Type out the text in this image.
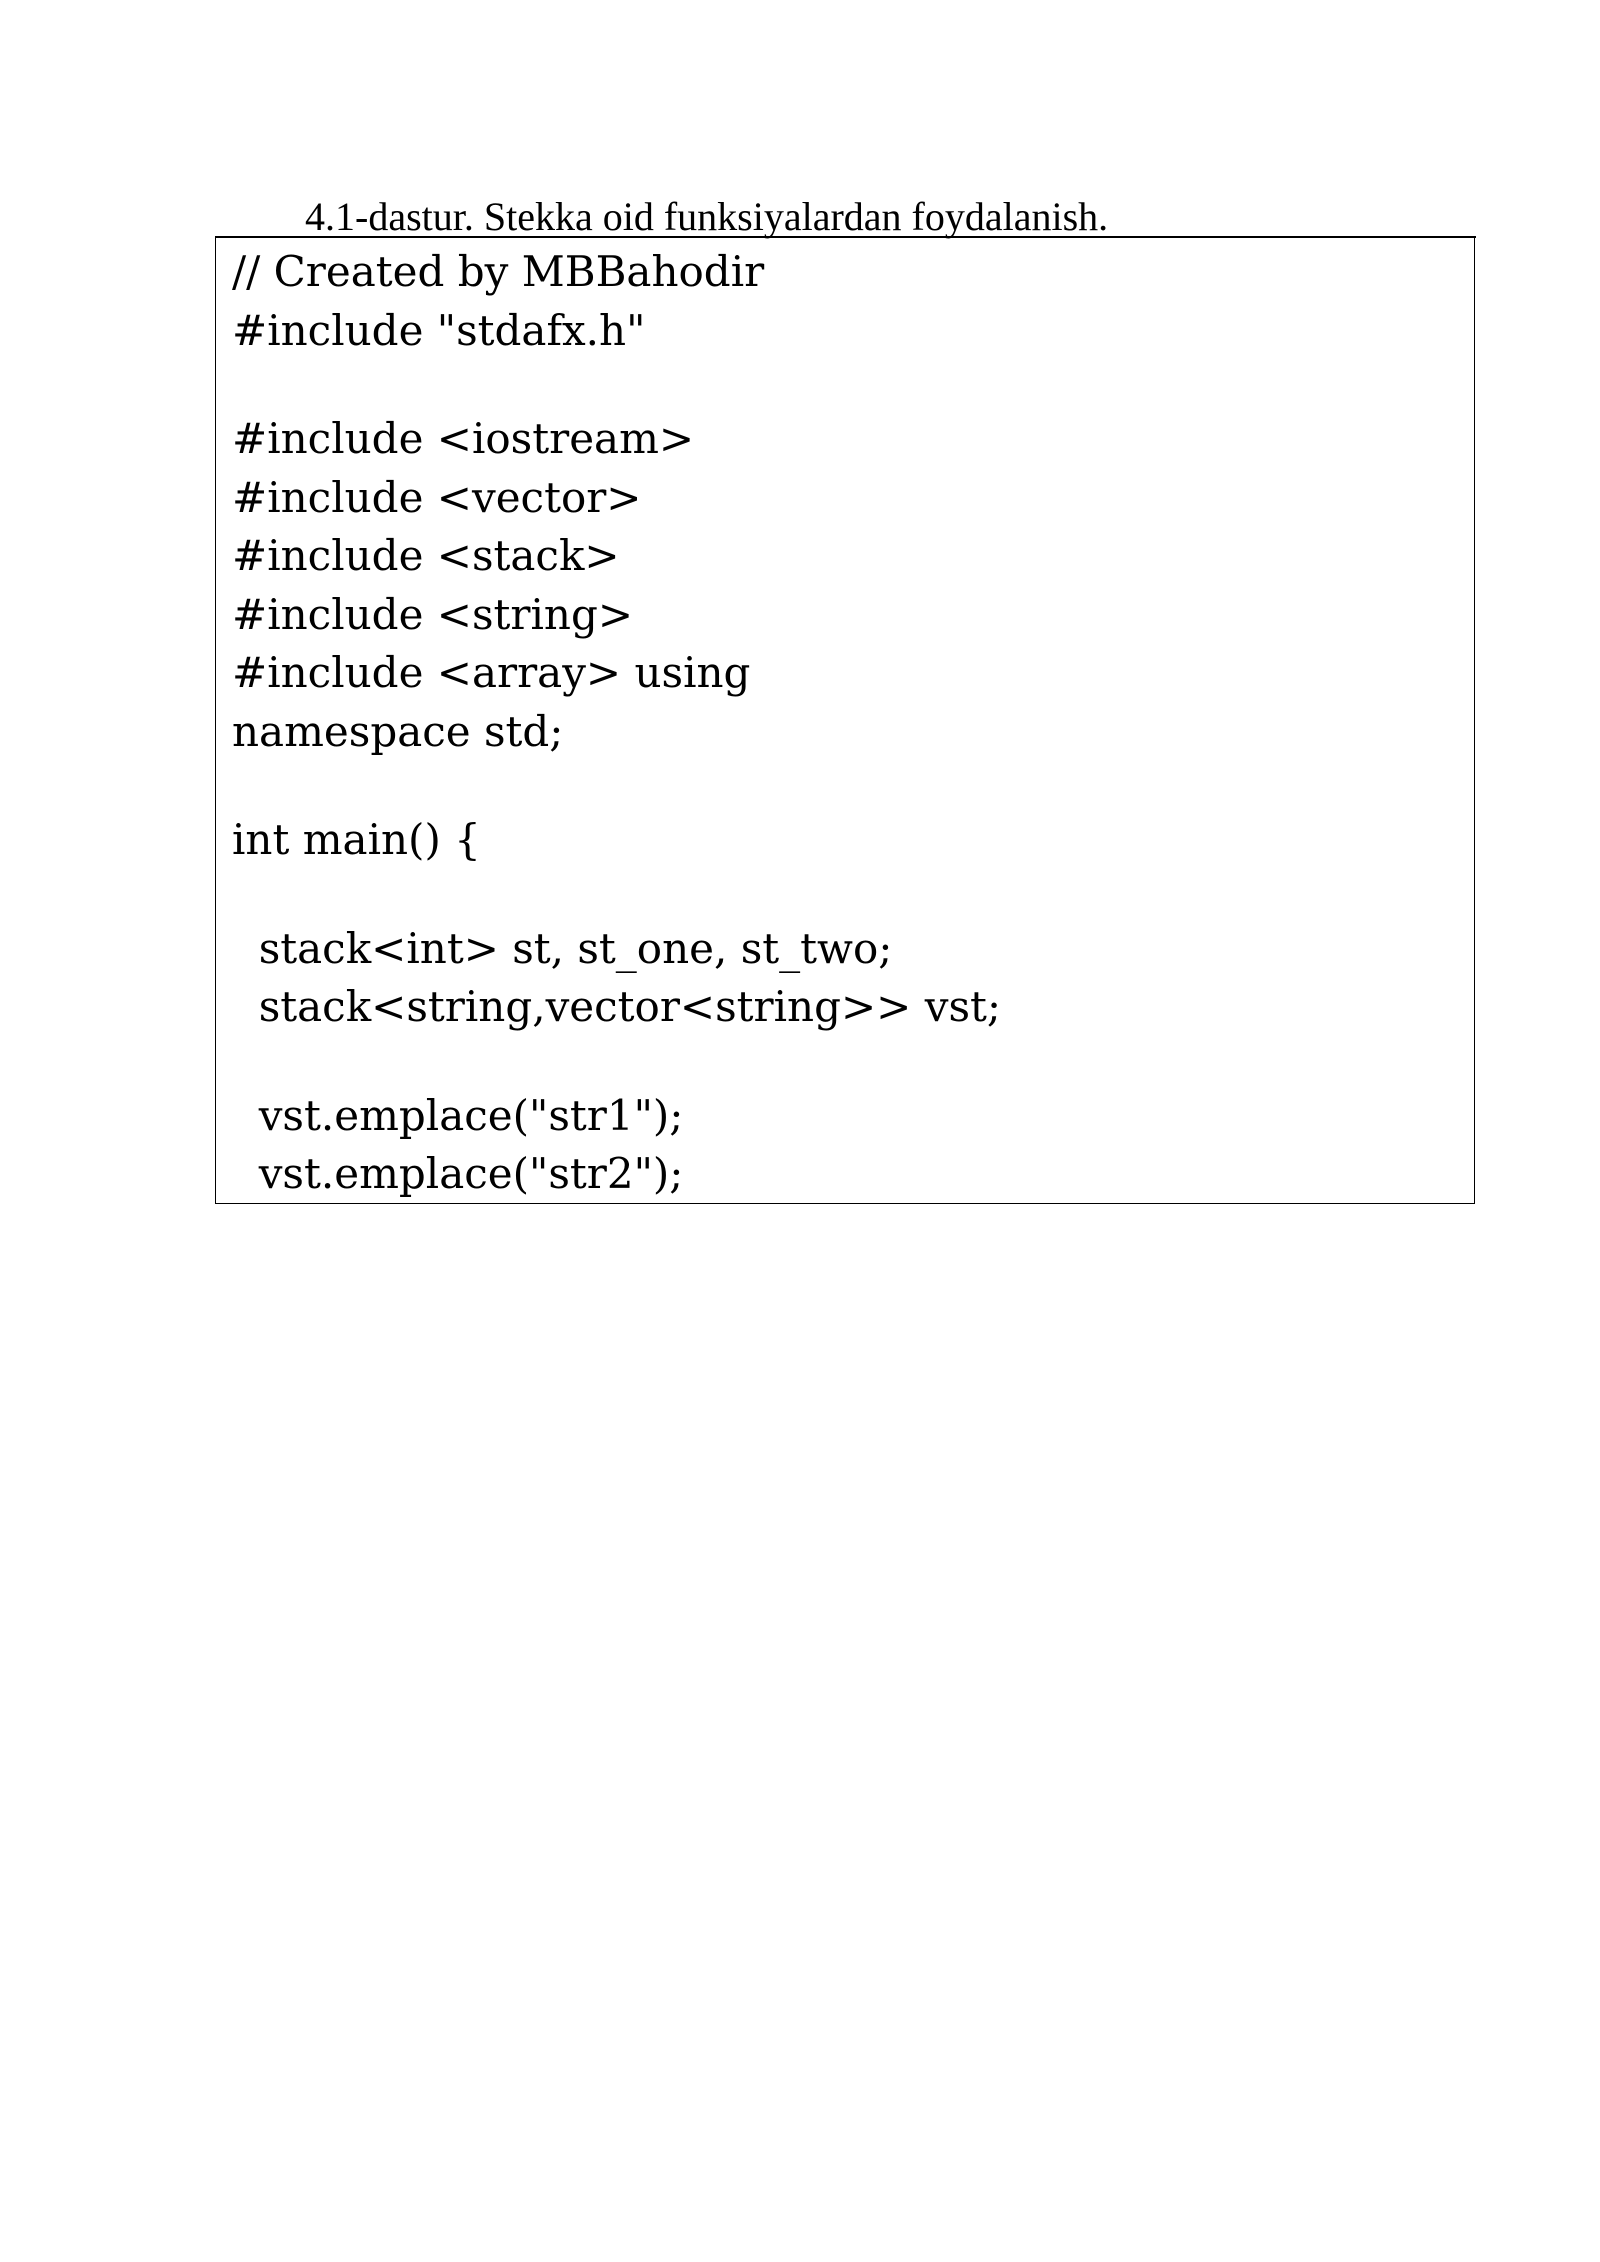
4.1-dastur. Stekka oid funksiyalardan foydalanish.
// Created by MBBahodir
#include "stdafx.h"
#include <iostream>
#include <vector>
#include <stack>
#include <string>
#include <array> using
namespace std;
int main() {
stack<int> st, st_one, st_two;
stack<string,vector<string>> vst;
vst.emplace("str1");
vst.emplace("str2");
